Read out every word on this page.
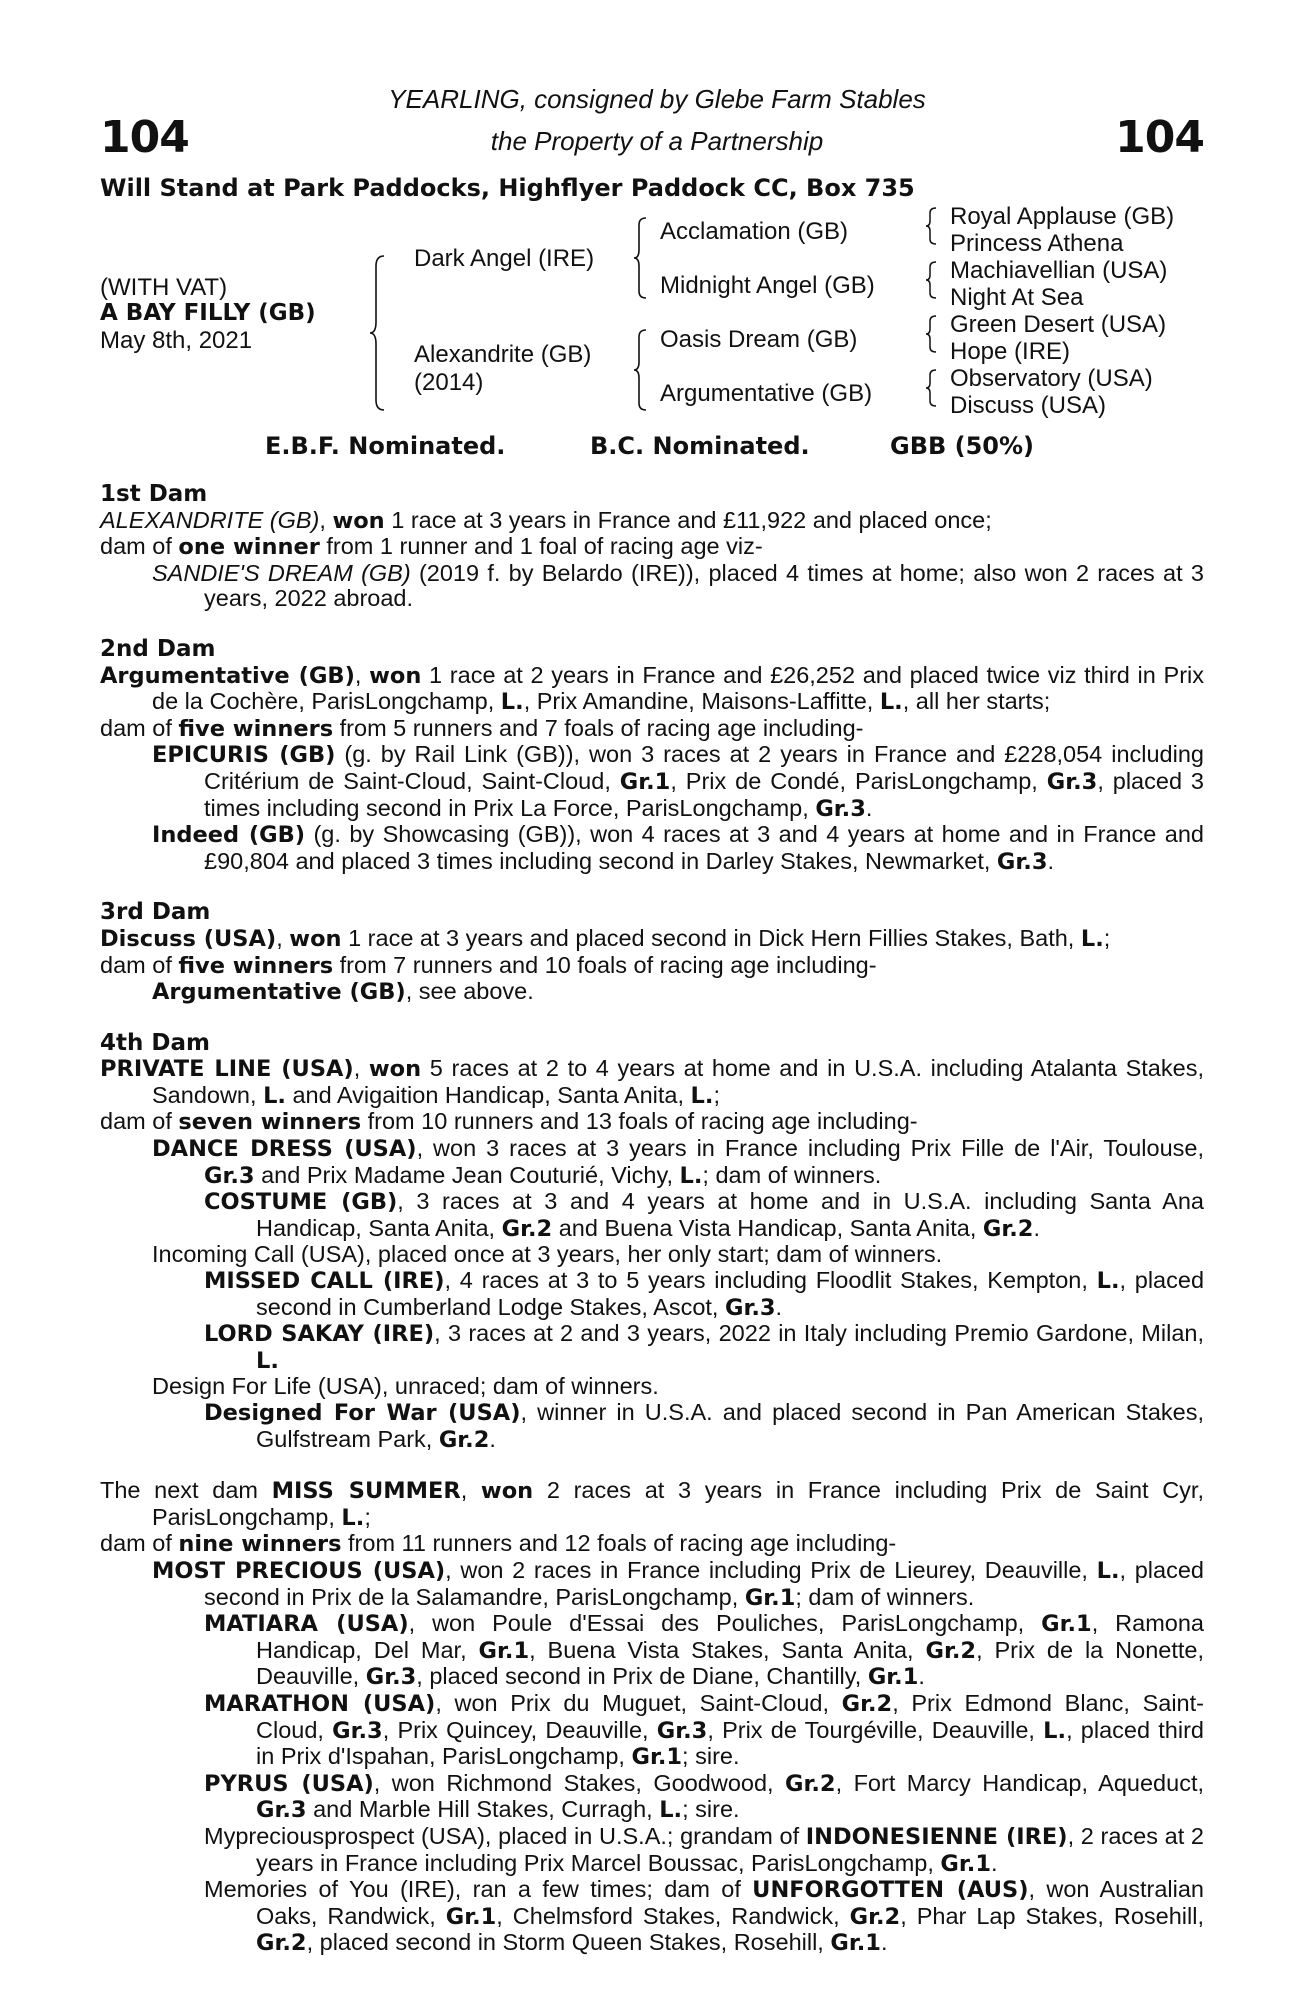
104	104
YEARLING, consigned by Glebe Farm Stables
the Property of a Partnership
Will Stand at Park Paddocks, Highflyer Paddock CC, Box 735
(WITH VAT)
A BAY FILLY (GB)
May 8th, 2021
Dark Angel (IRE)
Alexandrite (GB)
(2014)
Acclamation (GB)
Midnight Angel (GB)
Oasis Dream (GB)
Argumentative (GB)
Royal Applause (GB)
Princess Athena
Machiavellian (USA)
Night At Sea
Green Desert (USA)
Hope (IRE)
Observatory (USA)
Discuss (USA)
E.B.F. Nominated.	B.C. Nominated.	GBB (50%)

1st Dam

ALEXANDRITE (GB), won 1 race at 3 years in France and £11,922 and placed once;

dam of one winner from 1 runner and 1 foal of racing age viz-

SANDIE'S DREAM (GB) (2019 f. by Belardo (IRE)), placed 4 times at home; also won 2 races at 3 years, 2022 abroad.

2nd Dam

Argumentative (GB), won 1 race at 2 years in France and £26,252 and placed twice viz third in Prix de la Cochère, ParisLongchamp, L., Prix Amandine, Maisons-Laffitte, L., all her starts;

dam of five winners from 5 runners and 7 foals of racing age including-

EPICURIS (GB) (g. by Rail Link (GB)), won 3 races at 2 years in France and £228,054 including Critérium de Saint-Cloud, Saint-Cloud, Gr.1, Prix de Condé, ParisLongchamp, Gr.3, placed 3 times including second in Prix La Force, ParisLongchamp, Gr.3.

Indeed (GB) (g. by Showcasing (GB)), won 4 races at 3 and 4 years at home and in France and £90,804 and placed 3 times including second in Darley Stakes, Newmarket, Gr.3.

3rd Dam

Discuss (USA), won 1 race at 3 years and placed second in Dick Hern Fillies Stakes, Bath, L.;

dam of five winners from 7 runners and 10 foals of racing age including-

Argumentative (GB), see above.

4th Dam

PRIVATE LINE (USA), won 5 races at 2 to 4 years at home and in U.S.A. including Atalanta Stakes, Sandown, L. and Avigaition Handicap, Santa Anita, L.;

dam of seven winners from 10 runners and 13 foals of racing age including-

DANCE DRESS (USA), won 3 races at 3 years in France including Prix Fille de l'Air, Toulouse, Gr.3 and Prix Madame Jean Couturié, Vichy, L.; dam of winners.

COSTUME (GB), 3 races at 3 and 4 years at home and in U.S.A. including Santa Ana Handicap, Santa Anita, Gr.2 and Buena Vista Handicap, Santa Anita, Gr.2.

Incoming Call (USA), placed once at 3 years, her only start; dam of winners.

MISSED CALL (IRE), 4 races at 3 to 5 years including Floodlit Stakes, Kempton, L., placed second in Cumberland Lodge Stakes, Ascot, Gr.3.

LORD SAKAY (IRE), 3 races at 2 and 3 years, 2022 in Italy including Premio Gardone, Milan, L.

Design For Life (USA), unraced; dam of winners.

Designed For War (USA), winner in U.S.A. and placed second in Pan American Stakes, Gulfstream Park, Gr.2.

The next dam MISS SUMMER, won 2 races at 3 years in France including Prix de Saint Cyr, ParisLongchamp, L.;

dam of nine winners from 11 runners and 12 foals of racing age including-

MOST PRECIOUS (USA), won 2 races in France including Prix de Lieurey, Deauville, L., placed second in Prix de la Salamandre, ParisLongchamp, Gr.1; dam of winners.

MATIARA (USA), won Poule d'Essai des Pouliches, ParisLongchamp, Gr.1, Ramona Handicap, Del Mar, Gr.1, Buena Vista Stakes, Santa Anita, Gr.2, Prix de la Nonette, Deauville, Gr.3, placed second in Prix de Diane, Chantilly, Gr.1.

MARATHON (USA), won Prix du Muguet, Saint-Cloud, Gr.2, Prix Edmond Blanc, Saint-Cloud, Gr.3, Prix Quincey, Deauville, Gr.3, Prix de Tourgéville, Deauville, L., placed third in Prix d'Ispahan, ParisLongchamp, Gr.1; sire.

PYRUS (USA), won Richmond Stakes, Goodwood, Gr.2, Fort Marcy Handicap, Aqueduct, Gr.3 and Marble Hill Stakes, Curragh, L.; sire.

Mypreciousprospect (USA), placed in U.S.A.; grandam of INDONESIENNE (IRE), 2 races at 2 years in France including Prix Marcel Boussac, ParisLongchamp, Gr.1.

Memories of You (IRE), ran a few times; dam of UNFORGOTTEN (AUS), won Australian Oaks, Randwick, Gr.1, Chelmsford Stakes, Randwick, Gr.2, Phar Lap Stakes, Rosehill, Gr.2, placed second in Storm Queen Stakes, Rosehill, Gr.1.
